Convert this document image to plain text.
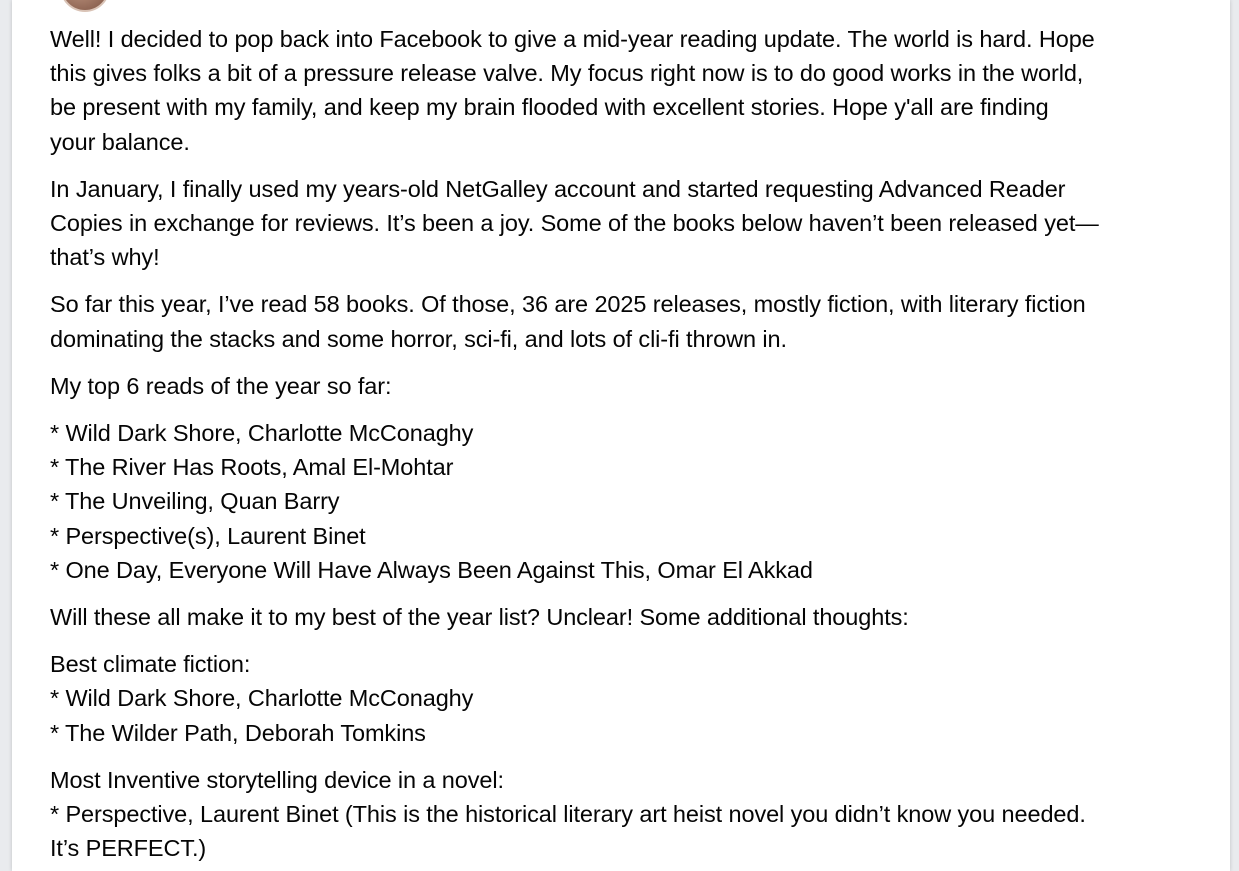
Well! I decided to pop back into Facebook to give a mid-year reading update. The world is hard. Hope
this gives folks a bit of a pressure release valve. My focus right now is to do good works in the world,
be present with my family, and keep my brain flooded with excellent stories. Hope y'all are finding
your balance.

In January, I finally used my years-old NetGalley account and started requesting Advanced Reader
Copies in exchange for reviews. It’s been a joy. Some of the books below haven’t been released yet—
that’s why!

So far this year, I’ve read 58 books. Of those, 36 are 2025 releases, mostly fiction, with literary fiction
dominating the stacks and some horror, sci-fi, and lots of cli-fi thrown in.

My top 6 reads of the year so far:

* Wild Dark Shore, Charlotte McConaghy
* The River Has Roots, Amal El-Mohtar
* The Unveiling, Quan Barry
* Perspective(s), Laurent Binet
* One Day, Everyone Will Have Always Been Against This, Omar El Akkad

Will these all make it to my best of the year list? Unclear! Some additional thoughts:

Best climate fiction:
* Wild Dark Shore, Charlotte McConaghy
* The Wilder Path, Deborah Tomkins

Most Inventive storytelling device in a novel:
* Perspective, Laurent Binet (This is the historical literary art heist novel you didn’t know you needed.
It’s PERFECT.)
